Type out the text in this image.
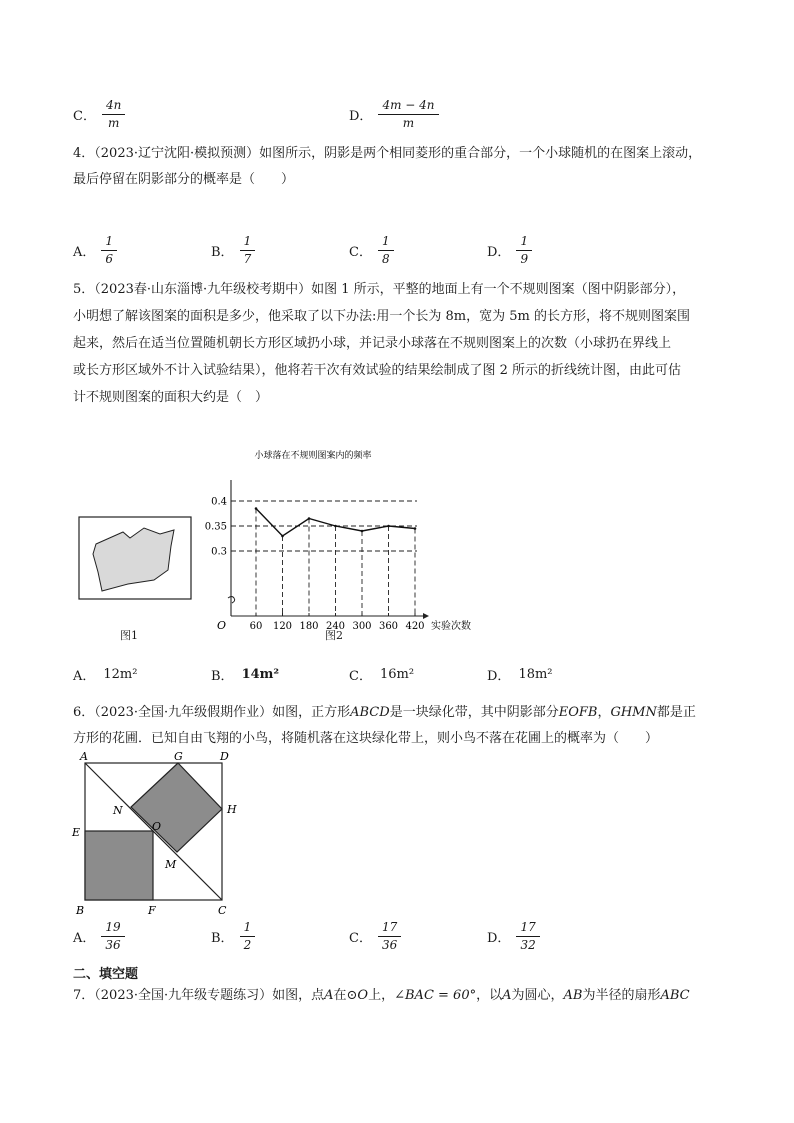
C． $\frac{4n}{m}$	D． $\frac{4m - 4n}{m}$
4．（2023·辽宁沈阳·模拟预测）如图所示，阴影是两个相同菱形的重合部分，一个小球随机的在图案上滚动，
最后停留在阴影部分的概率是（　　）
A． $\frac{1}{6}$	B． $\frac{1}{7}$	C． $\frac{1}{8}$	D． $\frac{1}{9}$
5．（2023春·山东淄博·九年级校考期中）如图 1 所示，平整的地面上有一个不规则图案（图中阴影部分），
小明想了解该图案的面积是多少，他采取了以下办法:用一个长为 8m，宽为 5m 的长方形，将不规则图案围
起来，然后在适当位置随机朝长方形区域扔小球，并记录小球落在不规则图案上的次数（小球扔在界线上
或长方形区域外不计入试验结果），他将若干次有效试验的结果绘制成了图 2 所示的折线统计图，由此可估
计不规则图案的面积大约是（　）
图1
小球落在不规则图案内的频率
60 120 180 240 300 360 420
0.3
0.35
0.4
O	实验次数
图2
A． 12m²	B． 14m²	C． 16m²	D． 18m²
6．（2023·全国·九年级假期作业）如图，正方形ABCD是一块绿化带，其中阴影部分EOFB，GHMN都是正
方形的花圃．已知自由飞翔的小鸟，将随机落在这块绿化带上，则小鸟不落在花圃上的概率为（　　）
A	G	D
H
N
O
E
M
B	F	C
A． $\frac{19}{36}$	B． $\frac{1}{2}$	C． $\frac{17}{36}$	D． $\frac{17}{32}$
二、填空题
7．（2023·全国·九年级专题练习）如图，点A在⊙O上，∠BAC = 60°，以A为圆心，AB为半径的扇形ABC
